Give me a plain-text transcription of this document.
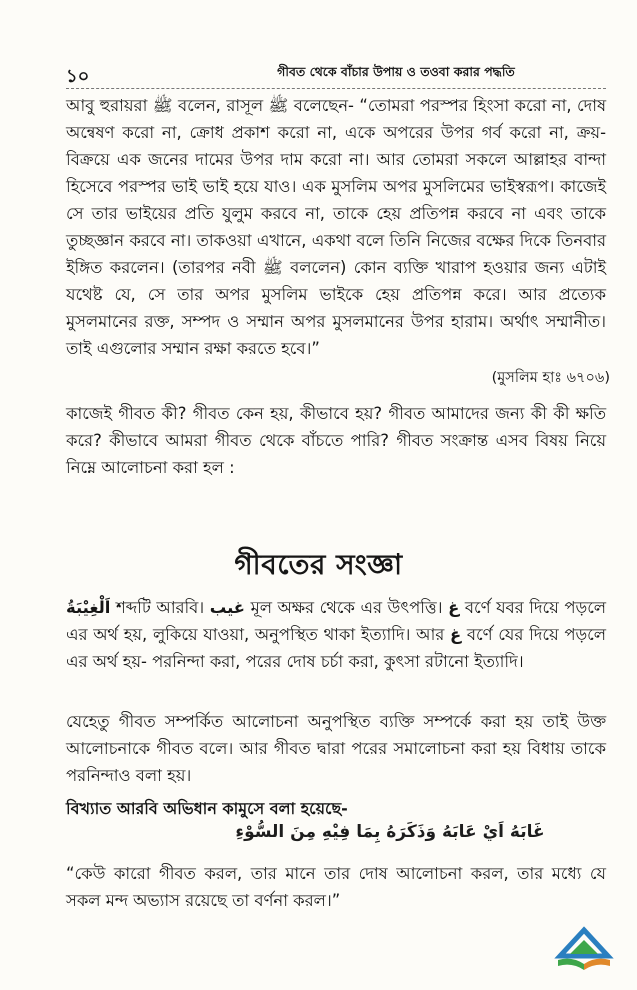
১০	গীবত থেকে বাঁচার উপায় ও তওবা করার পদ্ধতি

আবু হুরায়রা ﷺ বলেন, রাসূল ﷺ বলেছেন- “তোমরা পরস্পর হিংসা করো না, দোষ অন্বেষণ করো না, ক্রোধ প্রকাশ করো না, একে অপরের উপর গর্ব করো না, ক্রয়-বিক্রয়ে এক জনের দামের উপর দাম করো না। আর তোমরা সকলে আল্লাহর বান্দা হিসেবে পরস্পর ভাই ভাই হয়ে যাও। এক মুসলিম অপর মুসলিমের ভাইস্বরূপ। কাজেই সে তার ভাইয়ের প্রতি যুলুম করবে না, তাকে হেয় প্রতিপন্ন করবে না এবং তাকে তুচ্ছজ্ঞান করবে না। তাকওয়া এখানে, একথা বলে তিনি নিজের বক্ষের দিকে তিনবার ইঙ্গিত করলেন। (তারপর নবী ﷺ বললেন) কোন ব্যক্তি খারাপ হওয়ার জন্য এটাই যথেষ্ট যে, সে তার অপর মুসলিম ভাইকে হেয় প্রতিপন্ন করে। আর প্রত্যেক মুসলমানের রক্ত, সম্পদ ও সম্মান অপর মুসলমানের উপর হারাম। অর্থাৎ সম্মানীত। তাই এগুলোর সম্মান রক্ষা করতে হবে।”

(মুসলিম হাঃ ৬৭০৬)

কাজেই গীবত কী? গীবত কেন হয়, কীভাবে হয়? গীবত আমাদের জন্য কী কী ক্ষতি করে? কীভাবে আমরা গীবত থেকে বাঁচতে পারি? গীবত সংক্রান্ত এসব বিষয় নিয়ে নিম্নে আলোচনা করা হল :

গীবতের সংজ্ঞা

اَلْغِيْبَةُ শব্দটি আরবি। غيب মূল অক্ষর থেকে এর উৎপত্তি। غ বর্ণে যবর দিয়ে পড়লে এর অর্থ হয়, লুকিয়ে যাওয়া, অনুপস্থিত থাকা ইত্যাদি। আর غ বর্ণে যের দিয়ে পড়লে এর অর্থ হয়- পরনিন্দা করা, পরের দোষ চর্চা করা, কুৎসা রটানো ইত্যাদি।

যেহেতু গীবত সম্পর্কিত আলোচনা অনুপস্থিত ব্যক্তি সম্পর্কে করা হয় তাই উক্ত আলোচনাকে গীবত বলে। আর গীবত দ্বারা পরের সমালোচনা করা হয় বিধায় তাকে পরনিন্দাও বলা হয়।

বিখ্যাত আরবি অভিধান কামুসে বলা হয়েছে-
غَابَهُ اَيْ عَابَهُ وَذَكَرَهُ بِمَا فِيْهِ مِنَ السُّوْءِ

“কেউ কারো গীবত করল, তার মানে তার দোষ আলোচনা করল, তার মধ্যে যে সকল মন্দ অভ্যাস রয়েছে তা বর্ণনা করল।”
